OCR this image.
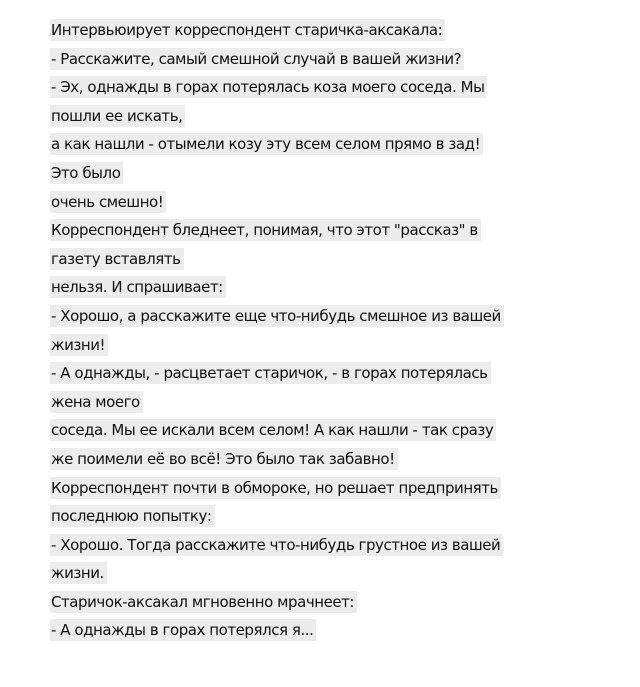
Интервьюирует корреспондент старичка-аксакала:
- Расскажите, самый смешной случай в вашей жизни?
- Эх, однажды в горах потерялась коза моего соседа. Мы
пошли ее искать,
а как нашли - отымели козу эту всем селом прямо в зад!
Это было
очень смешно!
Корреспондент бледнеет, понимая, что этот "рассказ" в
газету вставлять
нельзя. И спрашивает:
- Хорошо, а расскажите еще что-нибудь смешное из вашей
жизни!
- А однажды, - расцветает старичок, - в горах потерялась
жена моего
соседа. Мы ее искали всем селом! А как нашли - так сразу
же поимели её во всё! Это было так забавно!
Корреспондент почти в обмороке, но решает предпринять
последнюю попытку:
- Хорошо. Тогда расскажите что-нибудь грустное из вашей
жизни.
Старичок-аксакал мгновенно мрачнеет:
- А однажды в горах потерялся я...
